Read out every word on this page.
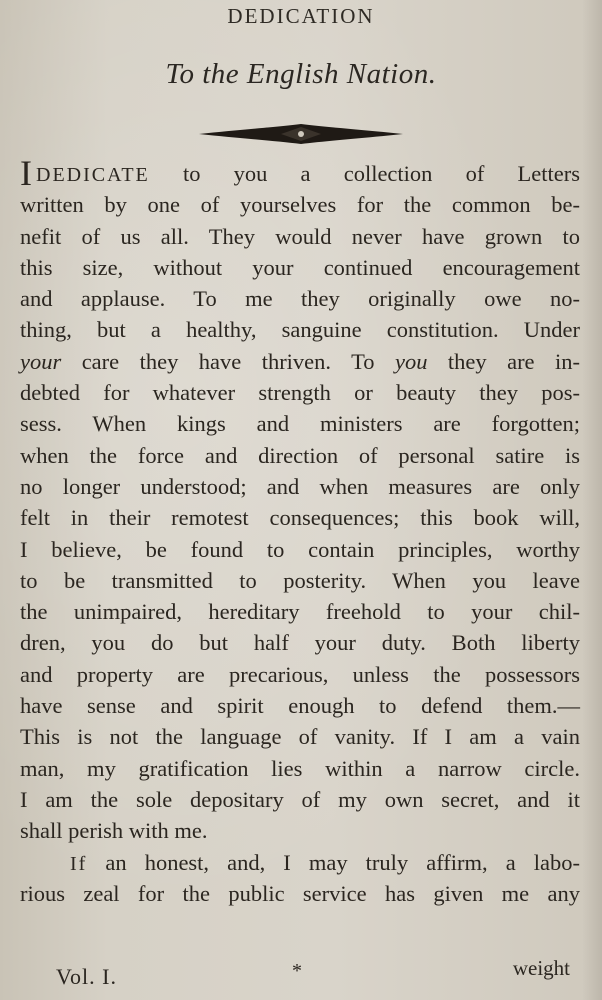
DEDICATION
To the English Nation.
IDEDICATE to you a collection of Letters
written by one of yourselves for the common be-
nefit of us all. They would never have grown to
this size, without your continued encouragement
and applause. To me they originally owe no-
thing, but a healthy, sanguine constitution. Under
your care they have thriven. To you they are in-
debted for whatever strength or beauty they pos-
sess. When kings and ministers are forgotten;
when the force and direction of personal satire is
no longer understood; and when measures are only
felt in their remotest consequences; this book will,
I believe, be found to contain principles, worthy
to be transmitted to posterity. When you leave
the unimpaired, hereditary freehold to your chil-
dren, you do but half your duty. Both liberty
and property are precarious, unless the possessors
have sense and spirit enough to defend them.—
This is not the language of vanity. If I am a vain
man, my gratification lies within a narrow circle.
I am the sole depositary of my own secret, and it
shall perish with me.
If an honest, and, I may truly affirm, a labo-
rious zeal for the public service has given me any
Vol. I.	*	weight
